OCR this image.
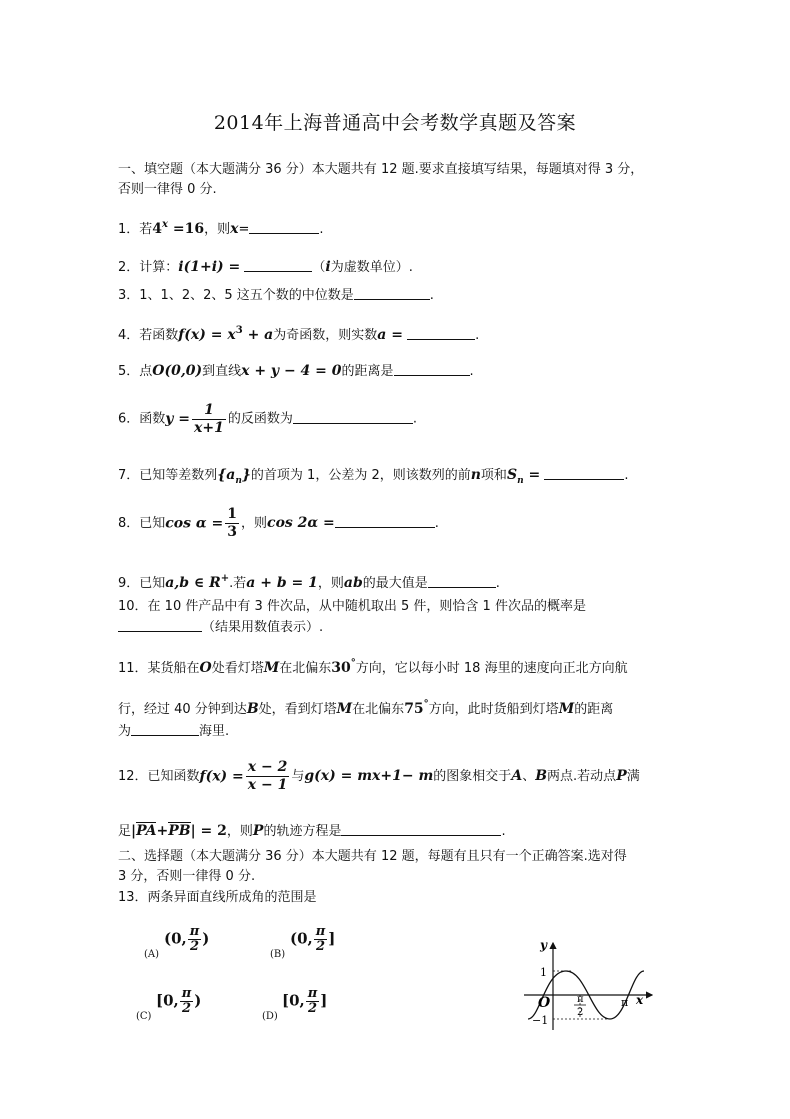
2014年上海普通高中会考数学真题及答案
一、填空题（本大题满分 36 分）本大题共有 12 题.要求直接填写结果，每题填对得 3 分，
否则一律得 0 分.
1．若$4^x =16$，则x=	.
2．计算：i(1+i) =	（i为虚数单位）.
3．1、1、2、2、5 这五个数的中位数是	.
4．若函数$f(x) = x^3 + a$为奇函数，则实数a =	.
5．点O(0,0)到直线x + y − 4 = 0的距离是	.
6．函数$y = \frac{1}{x+1}$ 的反函数为	.
7．已知等差数列$\{a_n\}$的首项为 1，公差为 2，则该数列的前n项和$S_n$ =	.
8．已知$\cos \alpha = \frac{1}{3}$ ，则cos 2α =	.
9．已知a,b ∈ R+.若a + b = 1，则ab的最大值是	.
10．在 10 件产品中有 3 件次品，从中随机取出 5 件，则恰含 1 件次品的概率是
（结果用数值表示）.
11．某货船在O处看灯塔M在北偏东30°方向，它以每小时 18 海里的速度向正北方向航
行，经过 40 分钟到达B处，看到灯塔M在北偏东75°方向，此时货船到灯塔M的距离
为	海里.
12．已知函数$f(x) = \frac{x - 2}{x - 1}$ 与g(x) = mx+1− m的图象相交于A、B两点.若动点P满
足|PA+PB| = 2，则P的轨迹方程是	.
二、选择题（本大题满分 36 分）本大题共有 12 题，每题有且只有一个正确答案.选对得
3 分，否则一律得 0 分.
13．两条异面直线所成角的范围是
(0, $\frac{\pi}{2}$ )
(A)
(0, $\frac{\pi}{2}$ ]
(B)
[0, $\frac{\pi}{2}$ )
(C)
[0, $\frac{\pi}{2}$ ]
(D)
y
x
O
1
−1
π
2
π
